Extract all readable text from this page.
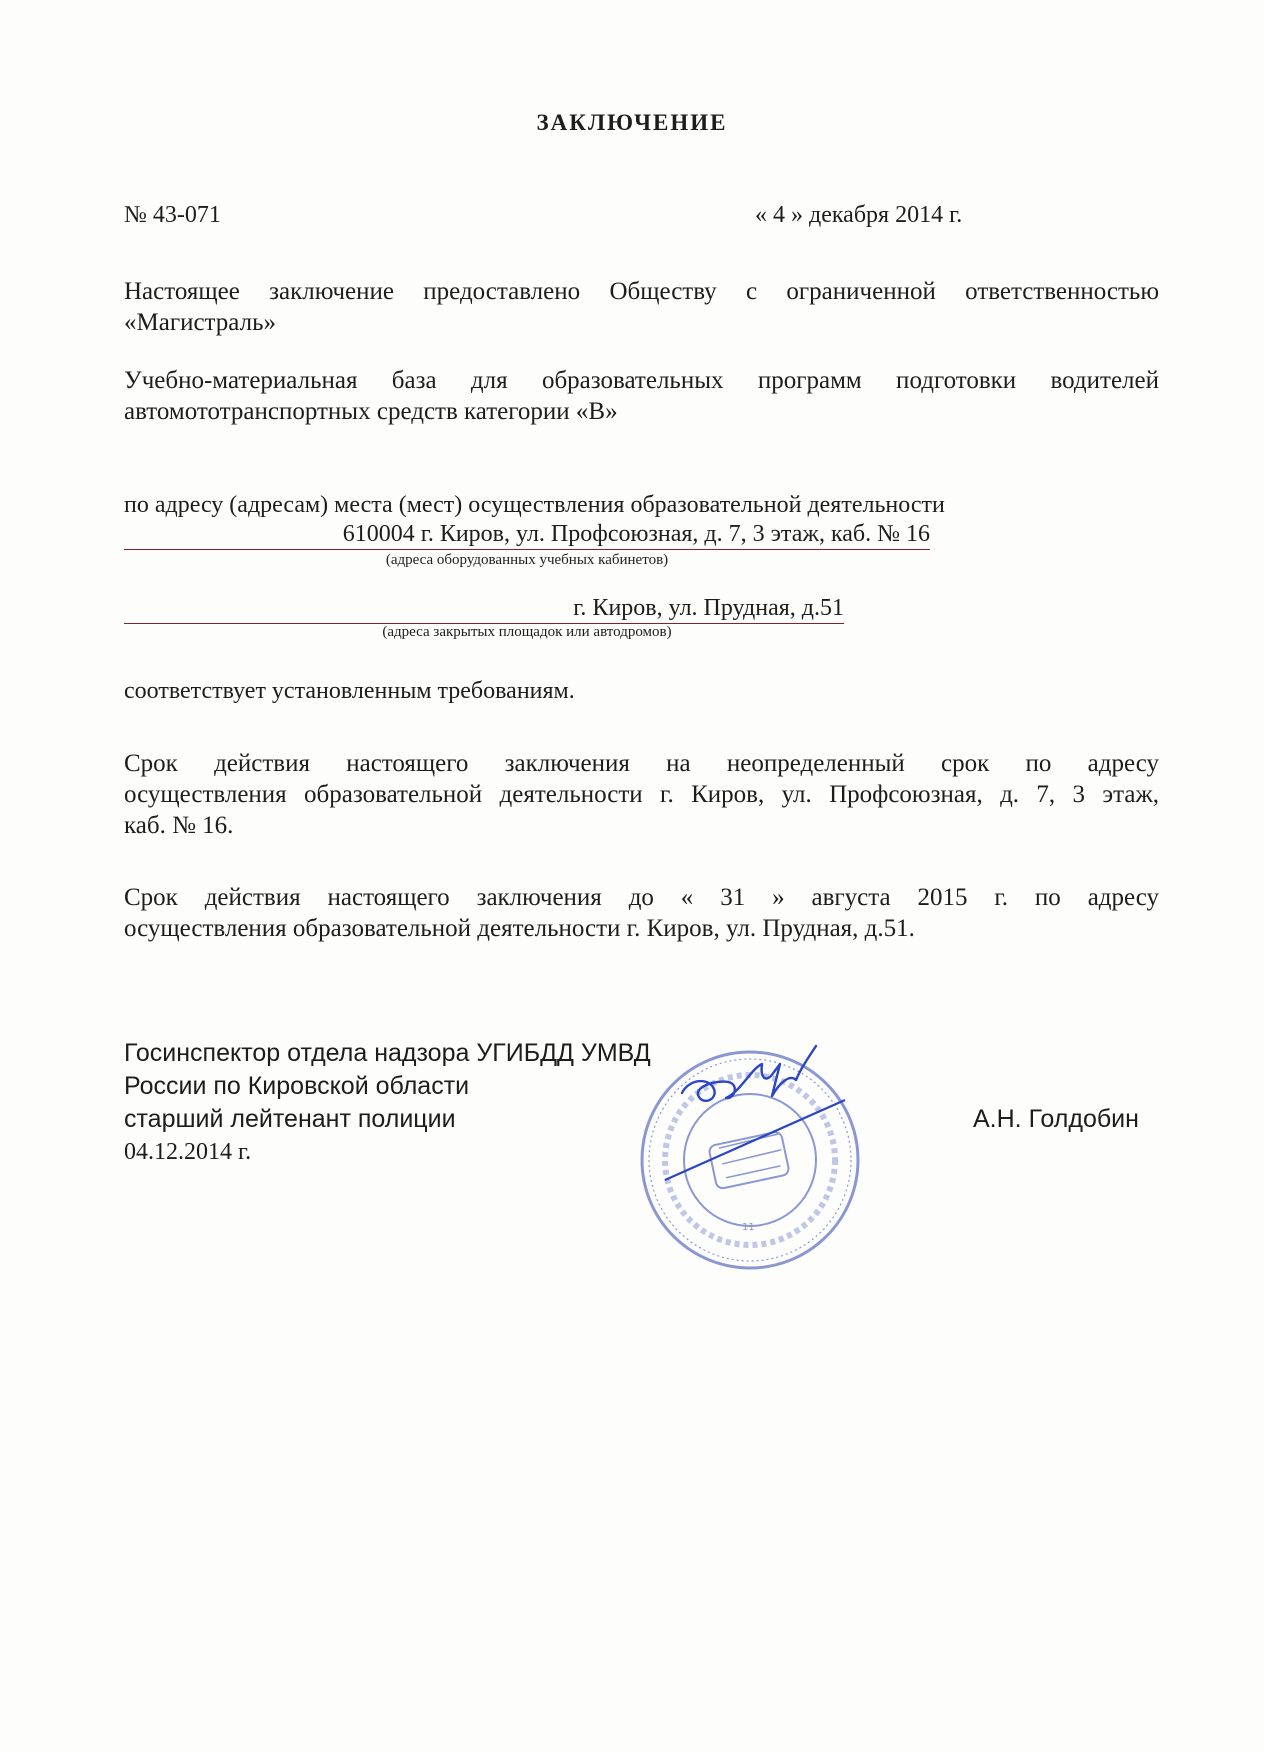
ЗАКЛЮЧЕНИЕ
№ 43-071	« 4 » декабря 2014 г.
Настоящее заключение предоставлено Обществу с ограниченной ответственностью
«Магистраль»
Учебно-материальная база для образовательных программ подготовки водителей
автомототранспортных средств категории «В»
по адресу (адресам) места (мест) осуществления образовательной деятельности
610004 г. Киров, ул. Профсоюзная, д. 7, 3 этаж, каб. № 16
(адреса оборудованных учебных кабинетов)
г. Киров, ул. Прудная, д.51
(адреса закрытых площадок или автодромов)
соответствует установленным требованиям.
Срок действия настоящего заключения на неопределенный срок по адресу
осуществления образовательной деятельности г. Киров, ул. Профсоюзная, д. 7, 3 этаж,
каб. № 16.
Срок действия настоящего заключения до « 31 » августа 2015 г. по адресу
осуществления образовательной деятельности г. Киров, ул. Прудная, д.51.
Госинспектор отдела надзора УГИБДД УМВД
России по Кировской области
старший лейтенант полиции
04.12.2014 г.
А.Н. Голдобин
11
